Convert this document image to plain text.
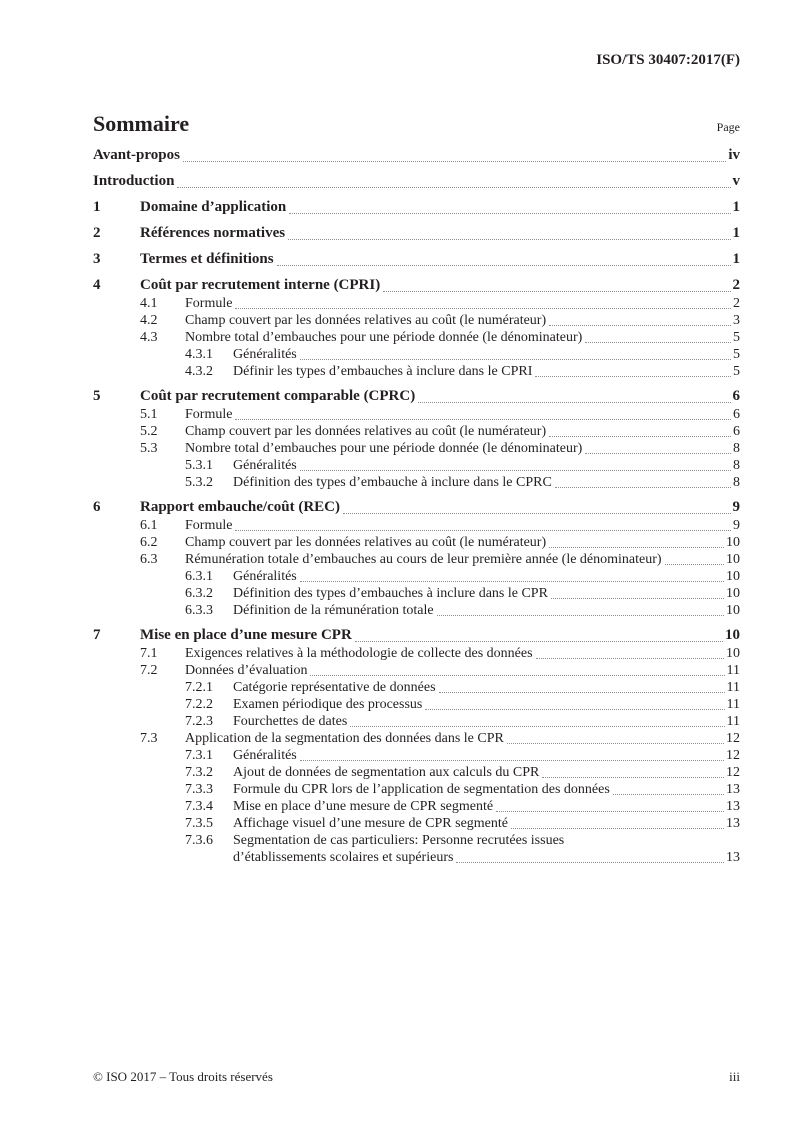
ISO/TS 30407:2017(F)
Sommaire	Page
Avant-propos	iv
Introduction	v
1	Domaine d’application	1
2	Références normatives	1
3	Termes et définitions	1
4	Coût par recrutement interne (CPRI)	2
4.1	Formule	2
4.2	Champ couvert par les données relatives au coût (le numérateur)	3
4.3	Nombre total d’embauches pour une période donnée (le dénominateur)	5
4.3.1	Généralités	5
4.3.2	Définir les types d’embauches à inclure dans le CPRI	5
5	Coût par recrutement comparable (CPRC)	6
5.1	Formule	6
5.2	Champ couvert par les données relatives au coût (le numérateur)	6
5.3	Nombre total d’embauches pour une période donnée (le dénominateur)	8
5.3.1	Généralités	8
5.3.2	Définition des types d’embauche à inclure dans le CPRC	8
6	Rapport embauche/coût (REC)	9
6.1	Formule	9
6.2	Champ couvert par les données relatives au coût (le numérateur)	10
6.3	Rémunération totale d’embauches au cours de leur première année (le dénominateur)	10
6.3.1	Généralités	10
6.3.2	Définition des types d’embauches à inclure dans le CPR	10
6.3.3	Définition de la rémunération totale	10
7	Mise en place d’une mesure CPR	10
7.1	Exigences relatives à la méthodologie de collecte des données	10
7.2	Données d’évaluation	11
7.2.1	Catégorie représentative de données	11
7.2.2	Examen périodique des processus	11
7.2.3	Fourchettes de dates	11
7.3	Application de la segmentation des données dans le CPR	12
7.3.1	Généralités	12
7.3.2	Ajout de données de segmentation aux calculs du CPR	12
7.3.3	Formule du CPR lors de l’application de segmentation des données	13
7.3.4	Mise en place d’une mesure de CPR segmenté	13
7.3.5	Affichage visuel d’une mesure de CPR segmenté	13
7.3.6	Segmentation de cas particuliers: Personne recrutées issues
d’établissements scolaires et supérieurs	13
© ISO 2017 – Tous droits réservés	iii
